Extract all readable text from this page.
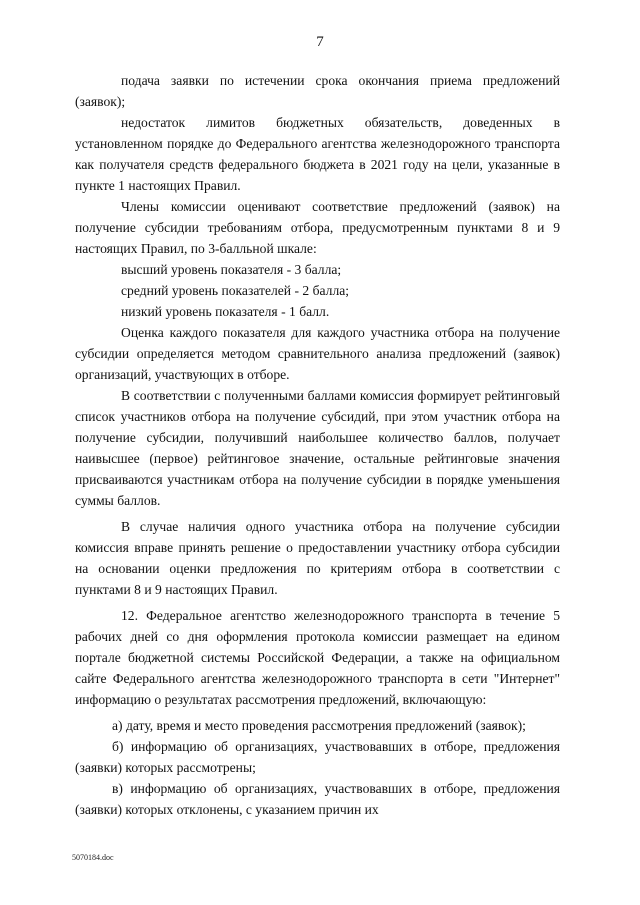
7

подача заявки по истечении срока окончания приема предложений (заявок);

недостаток лимитов бюджетных обязательств, доведенных в установленном порядке до Федерального агентства железнодорожного транспорта как получателя средств федерального бюджета в 2021 году на цели, указанные в пункте 1 настоящих Правил.

Члены комиссии оценивают соответствие предложений (заявок) на получение субсидии требованиям отбора, предусмотренным пунктами 8 и 9 настоящих Правил, по 3-балльной шкале:

высший уровень показателя - 3 балла;

средний уровень показателей - 2 балла;

низкий уровень показателя - 1 балл.

Оценка каждого показателя для каждого участника отбора на получение субсидии определяется методом сравнительного анализа предложений (заявок) организаций, участвующих в отборе.

В соответствии с полученными баллами комиссия формирует рейтинговый список участников отбора на получение субсидий, при этом участник отбора на получение субсидии, получивший наибольшее количество баллов, получает наивысшее (первое) рейтинговое значение, остальные рейтинговые значения присваиваются участникам отбора на получение субсидии в порядке уменьшения суммы баллов.

В случае наличия одного участника отбора на получение субсидии комиссия вправе принять решение о предоставлении участнику отбора субсидии на основании оценки предложения по критериям отбора в соответствии с пунктами 8 и 9 настоящих Правил.

12. Федеральное агентство железнодорожного транспорта в течение 5 рабочих дней со дня оформления протокола комиссии размещает на едином портале бюджетной системы Российской Федерации, а также на официальном сайте Федерального агентства железнодорожного транспорта в сети "Интернет" информацию о результатах рассмотрения предложений, включающую:

а) дату, время и место проведения рассмотрения предложений (заявок);

б) информацию об организациях, участвовавших в отборе, предложения (заявки) которых рассмотрены;

в) информацию об организациях, участвовавших в отборе, предложения (заявки) которых отклонены, с указанием причин их

5070184.doc
